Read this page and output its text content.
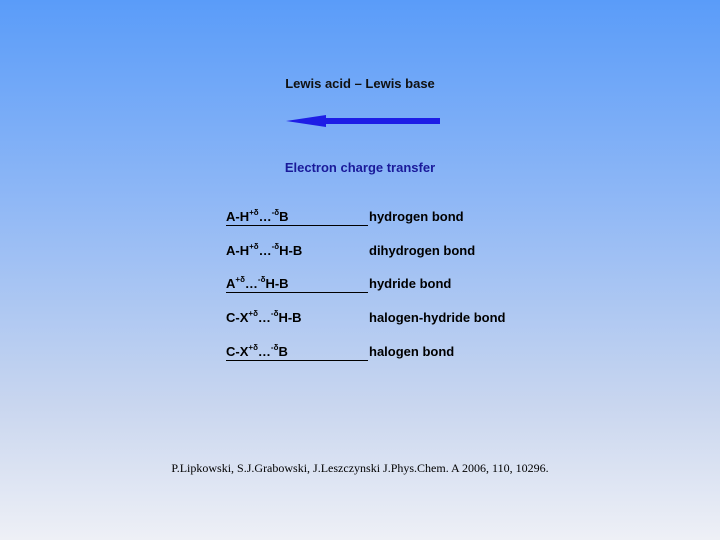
Lewis acid – Lewis base
Electron charge transfer
$A-H^{+\delta}\dots^{-\delta}B$	hydrogen bond
$A-H^{+\delta}\dots^{-\delta}H-B$	dihydrogen bond
$A^{+\delta}\dots^{-\delta}H-B$	hydride bond
$C-X^{+\delta}\dots^{-\delta}H-B$	halogen-hydride bond
$C-X^{+\delta}\dots^{-\delta}B$	halogen bond
P.Lipkowski, S.J.Grabowski, J.Leszczynski J.Phys.Chem. A 2006, 110, 10296.
